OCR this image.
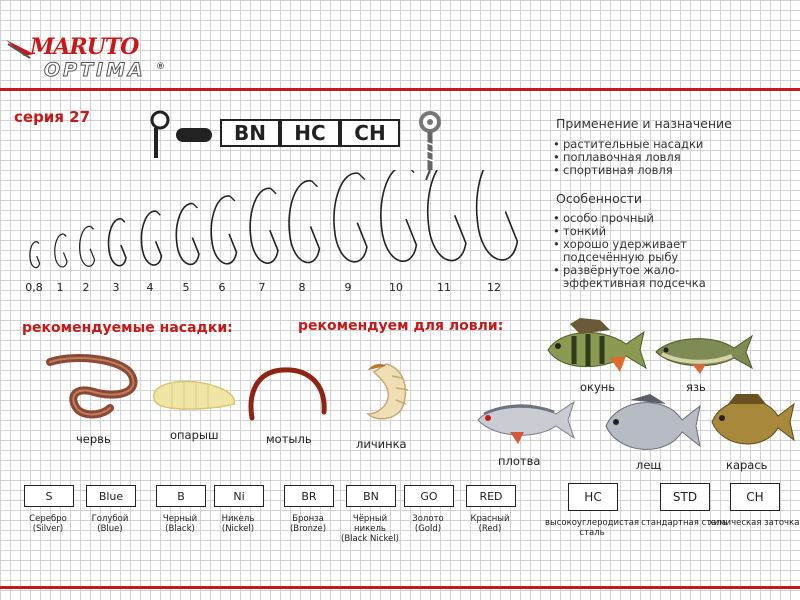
MARUTO
OPTIMA ®
серия 27
BN	HC	CH
0,8	1	2	3	4	5	6	7	8	9	10	11	12
Применение и назначение
• растительные насадки
• поплавочная ловля
• спортивная ловля
Особенности
• особо прочный
• тонкий
• хорошо удерживает подсечённую рыбу
• развёрнутое жало-эффективная подсечка
рекомендуемые насадки:	рекомендуем для ловли:
червь	опарыш	мотыль	личинка
окунь	язь
плотва	лещ	карась
S
Серебро (Silver)
Blue
Голубой (Blue)
B
Черный (Black)
Ni
Никель (Nickel)
BR
Бронза (Bronze)
BN
Чёрный никель (Black Nickel)
GO
Золото (Gold)
RED
Красный (Red)
HC
высокоуглеродистая сталь
STD
стандартная сталь
CH
химическая заточка
